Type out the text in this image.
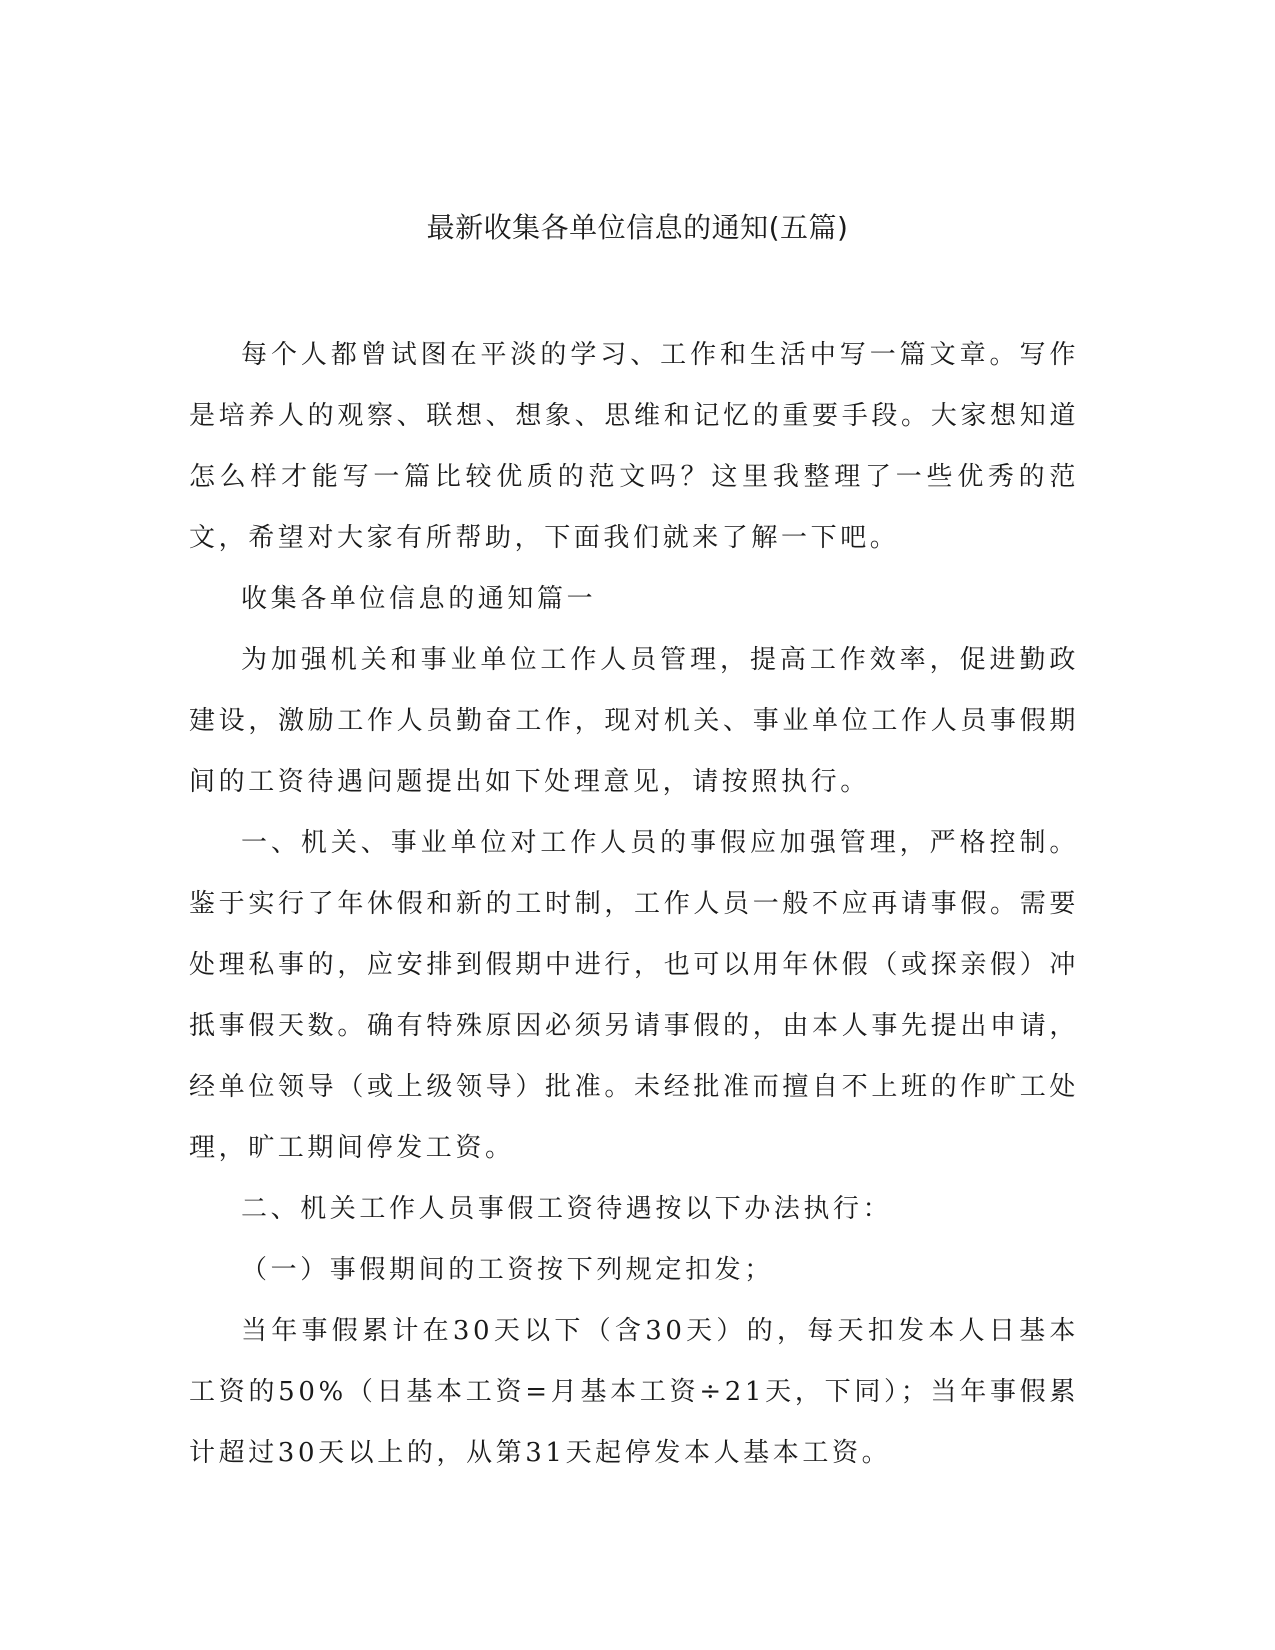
最新收集各单位信息的通知(五篇)

每个人都曾试图在平淡的学习、工作和生活中写一篇文章。写作是培养人的观察、联想、想象、思维和记忆的重要手段。大家想知道怎么样才能写一篇比较优质的范文吗？这里我整理了一些优秀的范文，希望对大家有所帮助，下面我们就来了解一下吧。

收集各单位信息的通知篇一

为加强机关和事业单位工作人员管理，提高工作效率，促进勤政建设，激励工作人员勤奋工作，现对机关、事业单位工作人员事假期间的工资待遇问题提出如下处理意见，请按照执行。

一、机关、事业单位对工作人员的事假应加强管理，严格控制。鉴于实行了年休假和新的工时制，工作人员一般不应再请事假。需要处理私事的，应安排到假期中进行，也可以用年休假（或探亲假）冲抵事假天数。确有特殊原因必须另请事假的，由本人事先提出申请，经单位领导（或上级领导）批准。未经批准而擅自不上班的作旷工处理，旷工期间停发工资。

二、机关工作人员事假工资待遇按以下办法执行：

（一）事假期间的工资按下列规定扣发；

当年事假累计在30天以下（含30天）的，每天扣发本人日基本工资的50%（日基本工资=月基本工资÷21天，下同）；当年事假累计超过30天以上的，从第31天起停发本人基本工资。
